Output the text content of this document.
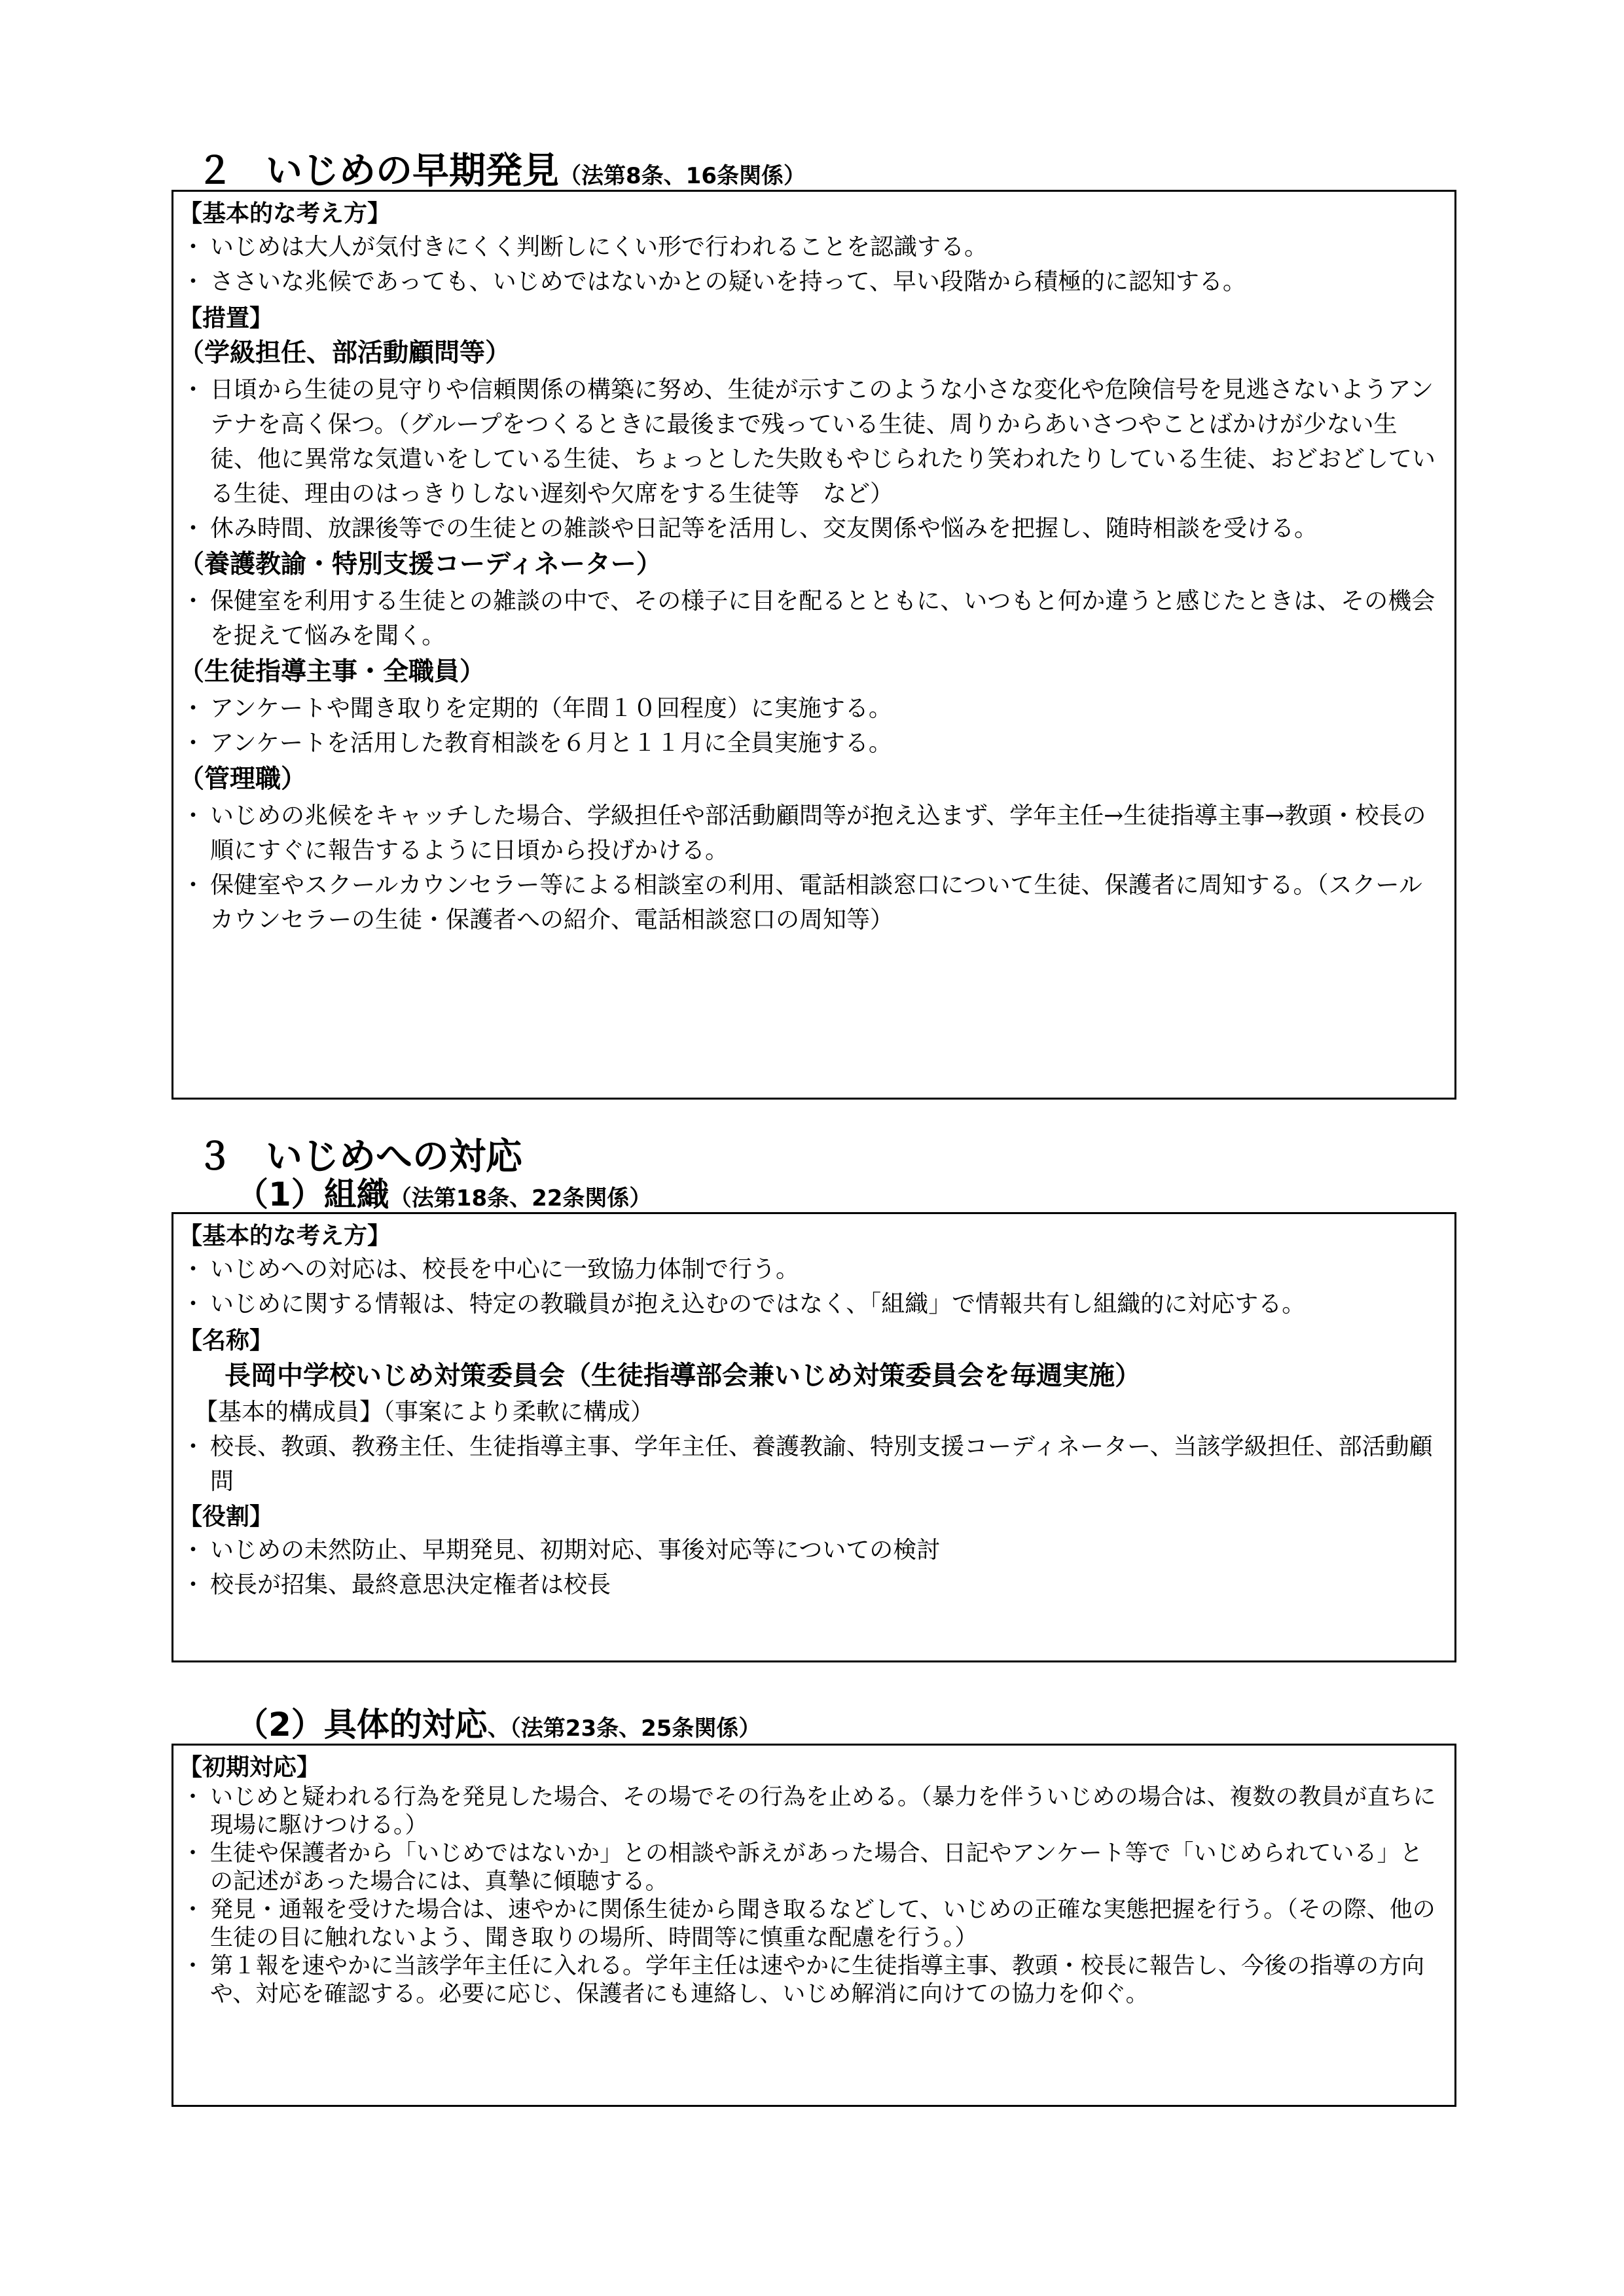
２ いじめの早期発見（法第8条、16条関係）
【基本的な考え方】
・ いじめは大人が気付きにくく判断しにくい形で行われることを認識する。
・ ささいな兆候であっても、いじめではないかとの疑いを持って、早い段階から積極的に認知する。
【措置】
（学級担任、部活動顧問等）
・ 日頃から生徒の見守りや信頼関係の構築に努め、生徒が示すこのような小さな変化や危険信号を見逃さないようアンテナを高く保つ。（グループをつくるときに最後まで残っている生徒、周りからあいさつやことばかけが少ない生徒、他に異常な気遣いをしている生徒、ちょっとした失敗もやじられたり笑われたりしている生徒、おどおどしている生徒、理由のはっきりしない遅刻や欠席をする生徒等　など）
・ 休み時間、放課後等での生徒との雑談や日記等を活用し、交友関係や悩みを把握し、随時相談を受ける。
（養護教諭・特別支援コーディネーター）
・ 保健室を利用する生徒との雑談の中で、その様子に目を配るとともに、いつもと何か違うと感じたときは、その機会を捉えて悩みを聞く。
（生徒指導主事・全職員）
・ アンケートや聞き取りを定期的（年間１０回程度）に実施する。
・ アンケートを活用した教育相談を６月と１１月に全員実施する。
（管理職）
・ いじめの兆候をキャッチした場合、学級担任や部活動顧問等が抱え込まず、学年主任→生徒指導主事→教頭・校長の順にすぐに報告するように日頃から投げかける。
・ 保健室やスクールカウンセラー等による相談室の利用、電話相談窓口について生徒、保護者に周知する。（スクールカウンセラーの生徒・保護者への紹介、電話相談窓口の周知等）
３ いじめへの対応
（1）組織（法第18条、22条関係）
【基本的な考え方】
・ いじめへの対応は、校長を中心に一致協力体制で行う。
・ いじめに関する情報は、特定の教職員が抱え込むのではなく、「組織」で情報共有し組織的に対応する。
【名称】
長岡中学校いじめ対策委員会（生徒指導部会兼いじめ対策委員会を毎週実施）
【基本的構成員】（事案により柔軟に構成）
・ 校長、教頭、教務主任、生徒指導主事、学年主任、養護教諭、特別支援コーディネーター、当該学級担任、部活動顧問
【役割】
・ いじめの未然防止、早期発見、初期対応、事後対応等についての検討
・ 校長が招集、最終意思決定権者は校長
（2）具体的対応、（法第23条、25条関係）
【初期対応】
・ いじめと疑われる行為を発見した場合、その場でその行為を止める。（暴力を伴ういじめの場合は、複数の教員が直ちに現場に駆けつける。）
・ 生徒や保護者から「いじめではないか」との相談や訴えがあった場合、日記やアンケート等で「いじめられている」との記述があった場合には、真摯に傾聴する。
・ 発見・通報を受けた場合は、速やかに関係生徒から聞き取るなどして、いじめの正確な実態把握を行う。（その際、他の生徒の目に触れないよう、聞き取りの場所、時間等に慎重な配慮を行う。）
・ 第１報を速やかに当該学年主任に入れる。学年主任は速やかに生徒指導主事、教頭・校長に報告し、今後の指導の方向や、対応を確認する。必要に応じ、保護者にも連絡し、いじめ解消に向けての協力を仰ぐ。
